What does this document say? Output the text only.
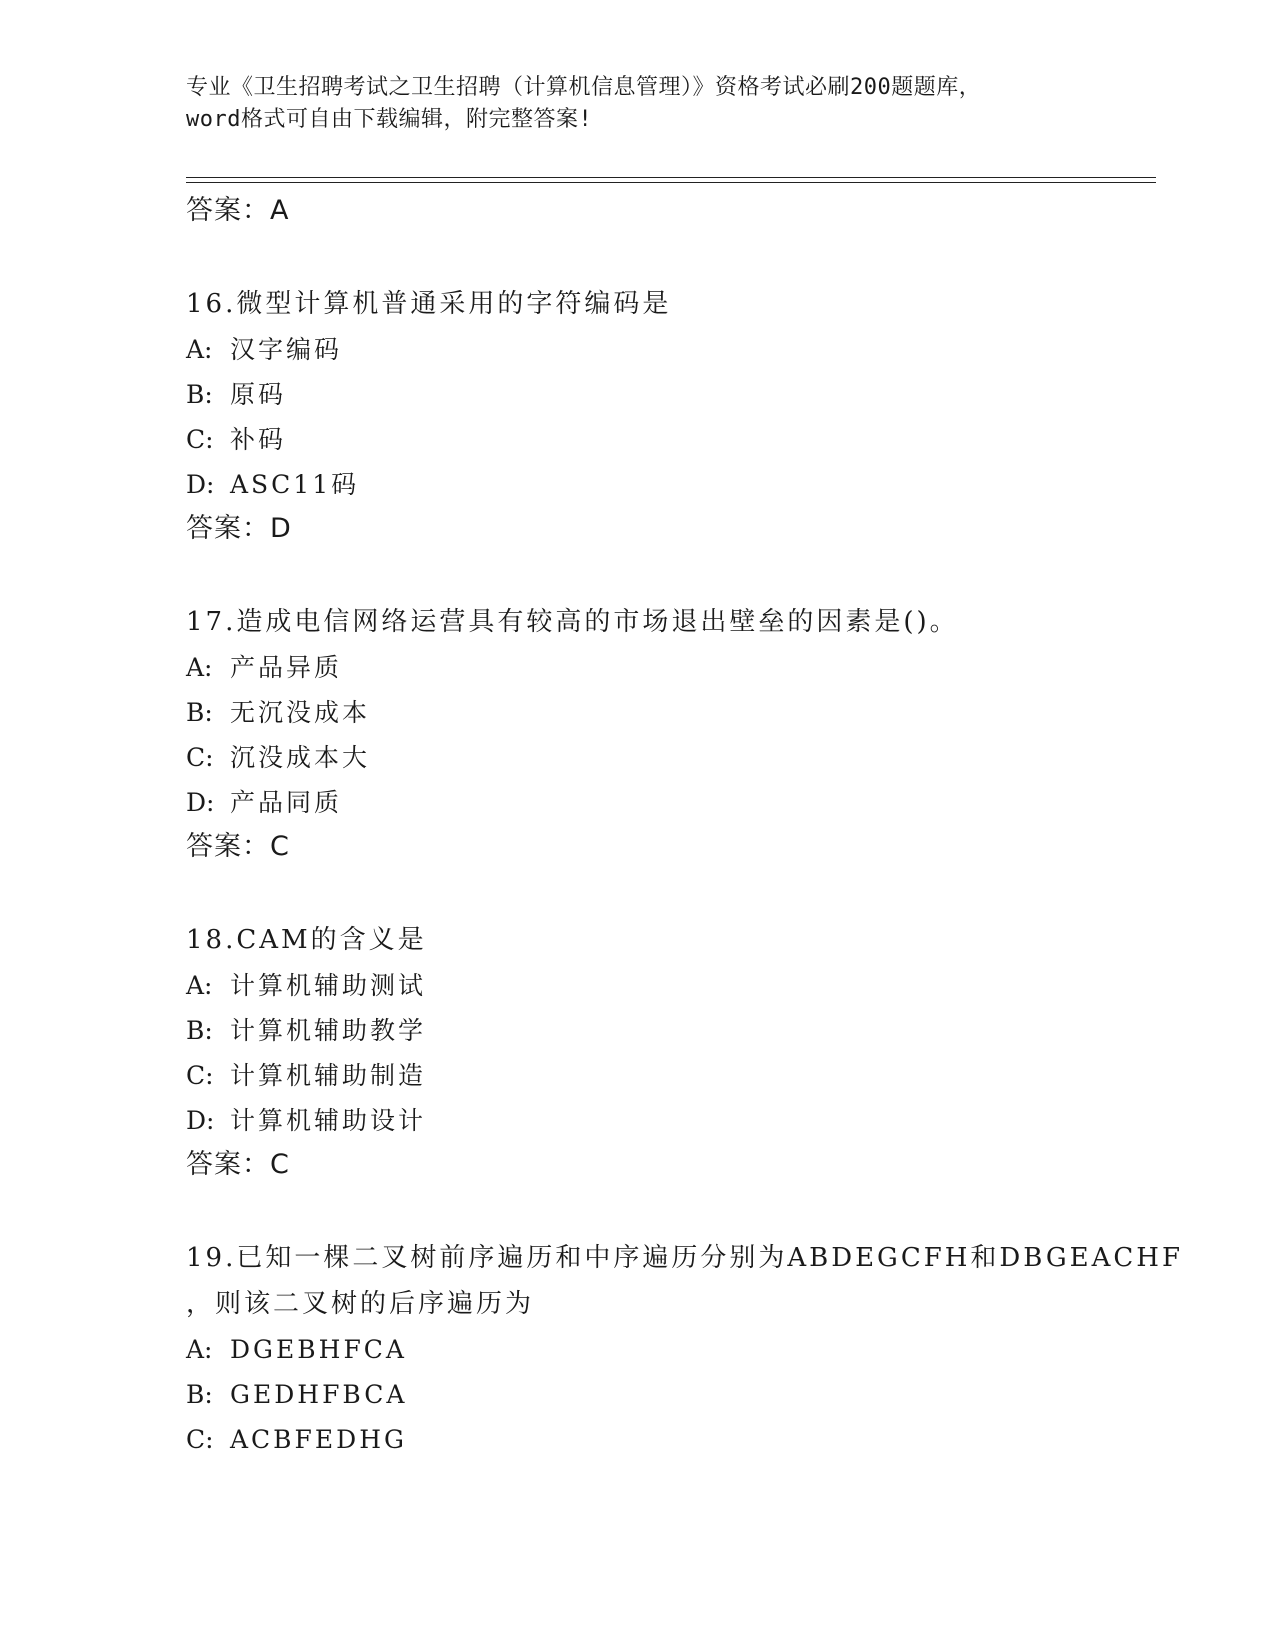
专业《卫生招聘考试之卫生招聘（计算机信息管理）》资格考试必刷200题题库，
word格式可自由下载编辑，附完整答案!
答案：A
16.微型计算机普通采用的字符编码是
A: 汉字编码
B: 原码
C: 补码
D: ASC11码
答案：D
17.造成电信网络运营具有较高的市场退出壁垒的因素是()。
A: 产品异质
B: 无沉没成本
C: 沉没成本大
D: 产品同质
答案：C
18.CAM的含义是
A: 计算机辅助测试
B: 计算机辅助教学
C: 计算机辅助制造
D: 计算机辅助设计
答案：C
19.已知一棵二叉树前序遍历和中序遍历分别为ABDEGCFH和DBGEACHF
，则该二叉树的后序遍历为
A: DGEBHFCA
B: GEDHFBCA
C: ACBFEDHG
